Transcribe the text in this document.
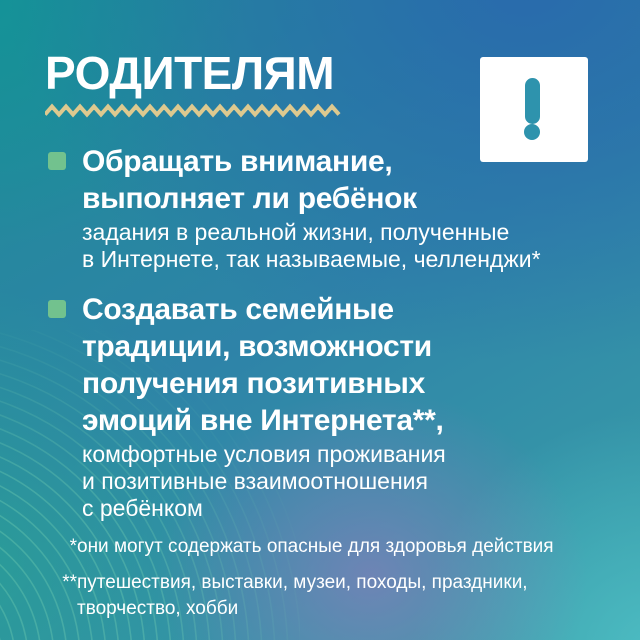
РОДИТЕЛЯМ
Обращать внимание,
выполняет ли ребёнок
задания в реальной жизни, полученные
в Интернете, так называемые, челленджи*
Создавать семейные
традиции, возможности
получения позитивных
эмоций вне Интернета**,
комфортные условия проживания
и позитивные взаимоотношения
с ребёнком
* они могут содержать опасные для здоровья действия
** путешествия, выставки, музеи, походы, праздники,
творчество, хобби
